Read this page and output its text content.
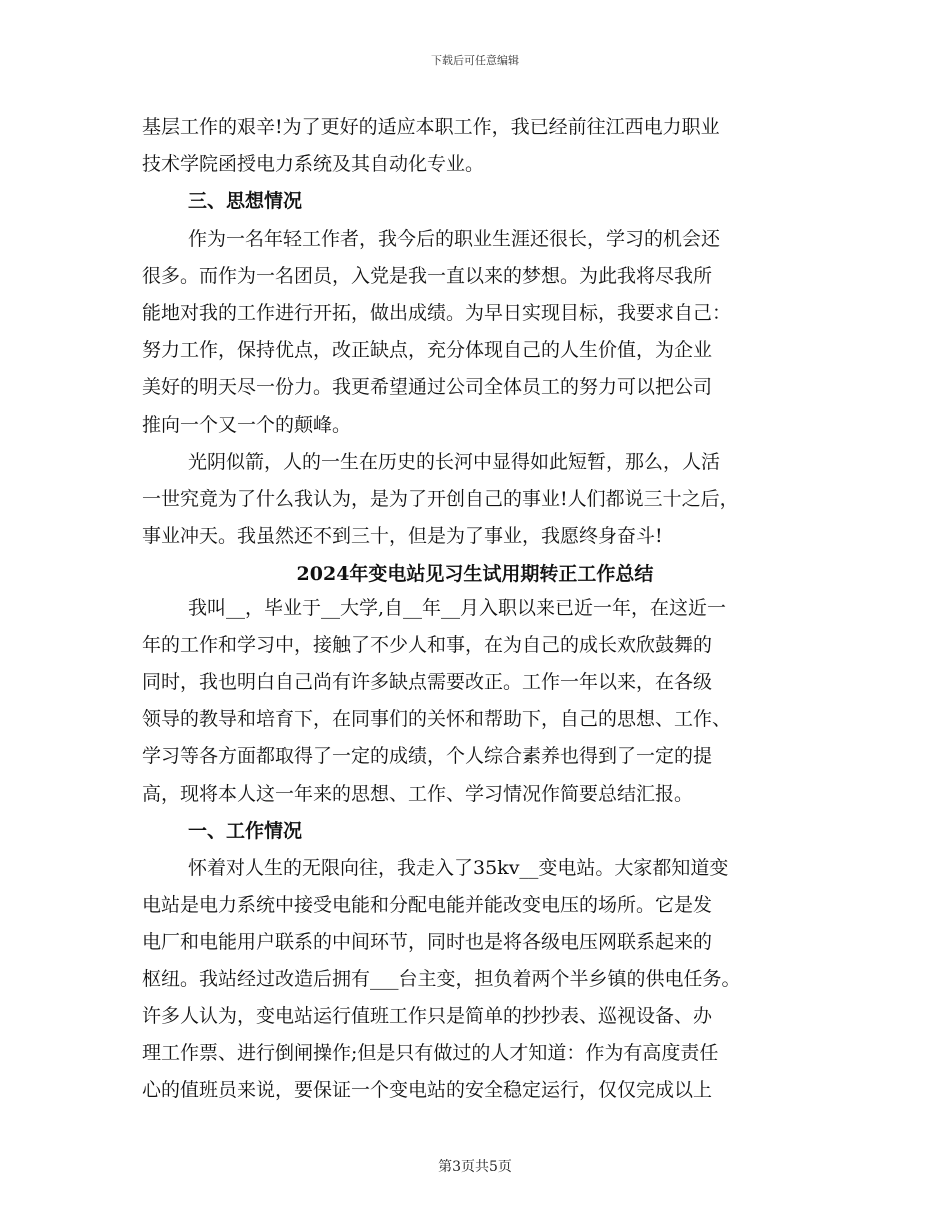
下载后可任意编辑
基层工作的艰辛!为了更好的适应本职工作，我已经前往江西电力职业
技术学院函授电力系统及其自动化专业。
三、思想情况
作为一名年轻工作者，我今后的职业生涯还很长，学习的机会还
很多。而作为一名团员，入党是我一直以来的梦想。为此我将尽我所
能地对我的工作进行开拓，做出成绩。为早日实现目标，我要求自己：
努力工作，保持优点，改正缺点，充分体现自己的人生价值，为企业
美好的明天尽一份力。我更希望通过公司全体员工的努力可以把公司
推向一个又一个的颠峰。
光阴似箭，人的一生在历史的长河中显得如此短暂，那么，人活
一世究竟为了什么我认为，是为了开创自己的事业!人们都说三十之后，
事业冲天。我虽然还不到三十，但是为了事业，我愿终身奋斗!
2024年变电站见习生试用期转正工作总结
我叫__，毕业于__大学,自__年__月入职以来已近一年，在这近一
年的工作和学习中，接触了不少人和事，在为自己的成长欢欣鼓舞的
同时，我也明白自己尚有许多缺点需要改正。工作一年以来，在各级
领导的教导和培育下，在同事们的关怀和帮助下，自己的思想、工作、
学习等各方面都取得了一定的成绩，个人综合素养也得到了一定的提
高，现将本人这一年来的思想、工作、学习情况作简要总结汇报。
一、工作情况
怀着对人生的无限向往，我走入了35kv__变电站。大家都知道变
电站是电力系统中接受电能和分配电能并能改变电压的场所。它是发
电厂和电能用户联系的中间环节，同时也是将各级电压网联系起来的
枢纽。我站经过改造后拥有___台主变，担负着两个半乡镇的供电任务。
许多人认为，变电站运行值班工作只是简单的抄抄表、巡视设备、办
理工作票、进行倒闸操作;但是只有做过的人才知道：作为有高度责任
心的值班员来说，要保证一个变电站的安全稳定运行，仅仅完成以上
第3页共5页
